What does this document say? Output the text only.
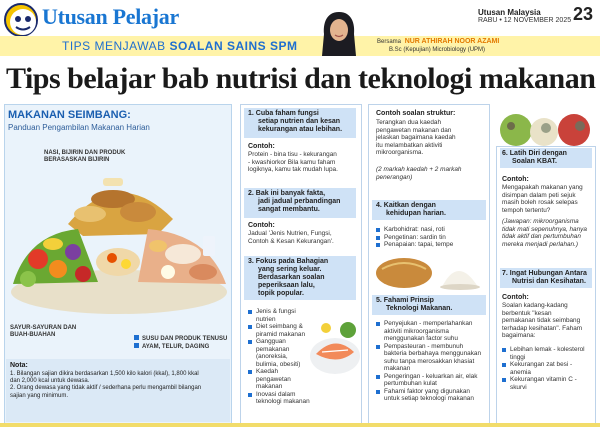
Utusan Pelajar	Utusan Malaysia
RABU • 12 NOVEMBER 2025 23
TIPS MENJAWAB SOALAN SAINS SPM	Bersama NUR ATHIRAH NOOR AZAMI
B.Sc (Kepujian) Microbiology (UPM)
Tips belajar bab nutrisi dan teknologi makanan
MAKANAN SEIMBANG:
Panduan Pengambilan Makanan Harian
NASI, BIJIRIN DAN PRODUK
BERASASKAN BIJIRIN
SAYUR-SAYURAN DAN
BUAH-BUAHAN
SUSU DAN PRODUK TENUSU
AYAM, TELUR, DAGING
Nota:
1. Bilangan sajian dikira berdasarkan 1,500 kilo kalori (kkal), 1,800 kkal
dan 2,000 kcal untuk dewasa.
2. Orang dewasa yang tidak aktif / sederhana perlu mengambil bilangan
sajian yang minimum.
1. Cuba faham fungsi
setiap nutrien dan kesan
kekurangan atau lebihan.
Contoh:
Protein - bina tisu - kekurangan
- kwashiorkor Bila kamu faham
logiknya, kamu tak mudah lupa.
2. Bak ini banyak fakta,
jadi jadual perbandingan
sangat membantu.
Contoh:
Jadual 'Jenis Nutrien, Fungsi,
Contoh & Kesan Kekurangan'.
3. Fokus pada Bahagian
yang sering keluar.
Berdasarkan soalan
peperiksaan lalu,
topik popular.
Jenis & fungsi nutrien
Diet seimbang & piramid makanan
Gangguan pemakanan (anoreksia, bulimia, obesiti)
Kaedah pengawetan makanan
Inovasi dalam teknologi makanan
Contoh soalan struktur:
Terangkan dua kaedah
pengawetan makanan dan
jelaskan bagaimana kaedah
itu melambatkan aktiviti
mikroorganisma.
(2 markah kaedah + 2 markah
penerangan)
4. Kaitkan dengan
kehidupan harian.
Karbohidrat: nasi, roti
Pengetinan: sardin tin
Penapaian: tapai, tempe
5. Fahami Prinsip
Teknologi Makanan.
Penyejukan - memperlahankan aktiviti mikroorganisma menggunakan factor suhu
Pempasteuran - membunuh bakteria berbahaya menggunakan suhu tanpa merosakkan khasiat makanan
Pengeringan - keluarkan air, elak pertumbuhan kulat
Fahami faktor yang digunakan untuk setiap teknologi makanan
6. Latih Diri dengan
Soalan KBAT.
Contoh:
Mengapakah makanan yang
disimpan dalam peti sejuk
masih boleh rosak selepas
tempoh tertentu?
(Jawapan: mikroorganisma
tidak mati sepenuhnya, hanya
tidak aktif dan pertumbuhan
mereka menjadi perlahan.)
7. Ingat Hubungan Antara
Nutrisi dan Kesihatan.
Contoh:
Soalan kadang-kadang
berbentuk "kesan
pemakanan tidak seimbang
terhadap kesihatan". Faham
bagaimana:
Lebihan lemak - kolesterol tinggi
Kekurangan zat besi - anemia
Kekurangan vitamin C - skurvi
